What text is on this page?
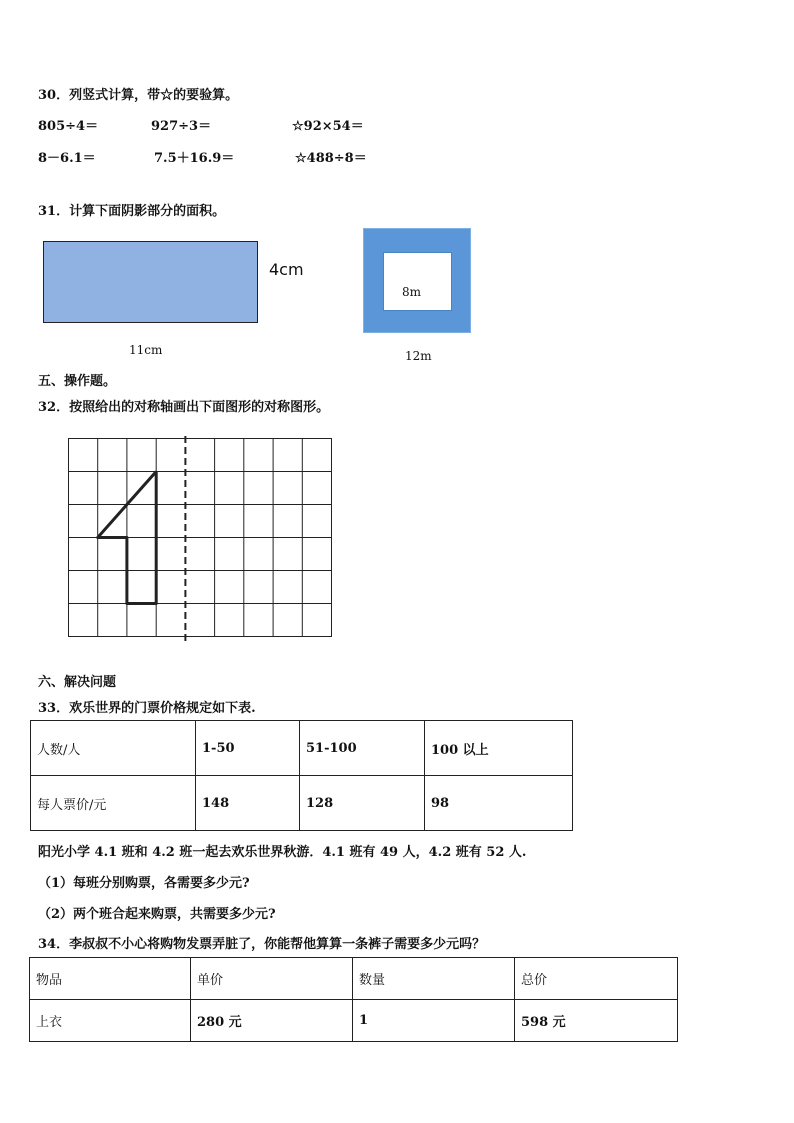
30．列竖式计算，带☆的要验算。
805÷4＝	927÷3＝	☆92×54＝
8－6.1＝	7.5＋16.9＝	☆488÷8＝
31．计算下面阴影部分的面积。
4cm
11cm
8m
12m
五、操作题。
32．按照给出的对称轴画出下面图形的对称图形。
六、解决问题
33．欢乐世界的门票价格规定如下表.
人数/人	1-50	51-100	100 以上
每人票价/元	148	128	98
阳光小学 4.1 班和 4.2 班一起去欢乐世界秋游．4.1 班有 49 人，4.2 班有 52 人.
（1）每班分别购票，各需要多少元?
（2）两个班合起来购票，共需要多少元?
34．李叔叔不小心将购物发票弄脏了，你能帮他算算一条裤子需要多少元吗？
物品	单价	数量	总价
上衣	280 元	1	598 元
